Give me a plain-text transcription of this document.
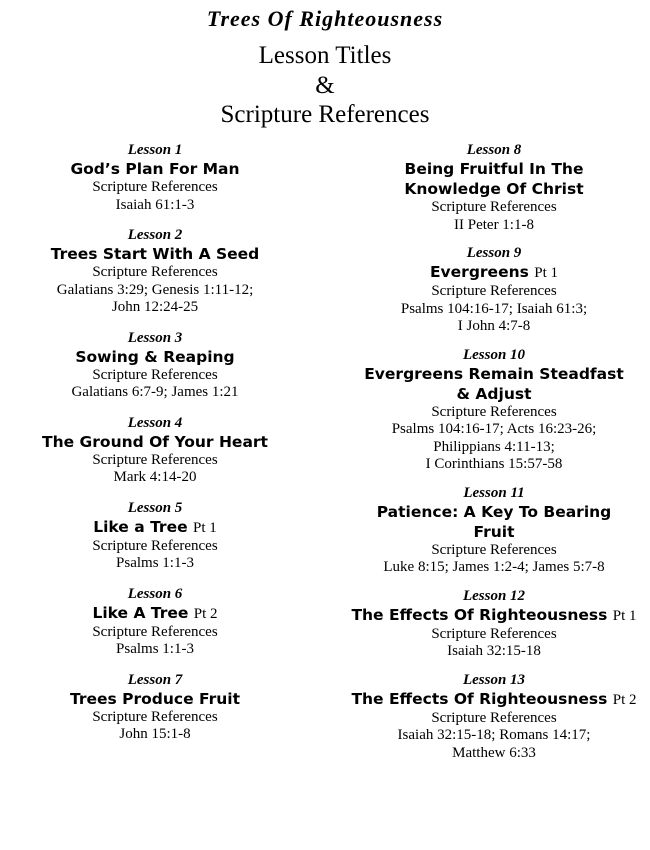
Trees Of Righteousness
Lesson Titles
&
Scripture References
Lesson 1
God’s Plan For Man
Scripture References
Isaiah 61:1-3
Lesson 2
Trees Start With A Seed
Scripture References
Galatians 3:29; Genesis 1:11-12;
John 12:24-25
Lesson 3
Sowing & Reaping
Scripture References
Galatians 6:7-9; James 1:21
Lesson 4
The Ground Of Your Heart
Scripture References
Mark 4:14-20
Lesson 5
Like a Tree Pt 1
Scripture References
Psalms 1:1-3
Lesson 6
Like A Tree Pt 2
Scripture References
Psalms 1:1-3
Lesson 7
Trees Produce Fruit
Scripture References
John 15:1-8
Lesson 8
Being Fruitful In The
Knowledge Of Christ
Scripture References
II Peter 1:1-8
Lesson 9
Evergreens Pt 1
Scripture References
Psalms 104:16-17; Isaiah 61:3;
I John 4:7-8
Lesson 10
Evergreens Remain Steadfast
& Adjust
Scripture References
Psalms 104:16-17; Acts 16:23-26;
Philippians 4:11-13;
I Corinthians 15:57-58
Lesson 11
Patience: A Key To Bearing
Fruit
Scripture References
Luke 8:15; James 1:2-4; James 5:7-8
Lesson 12
The Effects Of Righteousness Pt 1
Scripture References
Isaiah 32:15-18
Lesson 13
The Effects Of Righteousness Pt 2
Scripture References
Isaiah 32:15-18; Romans 14:17;
Matthew 6:33
